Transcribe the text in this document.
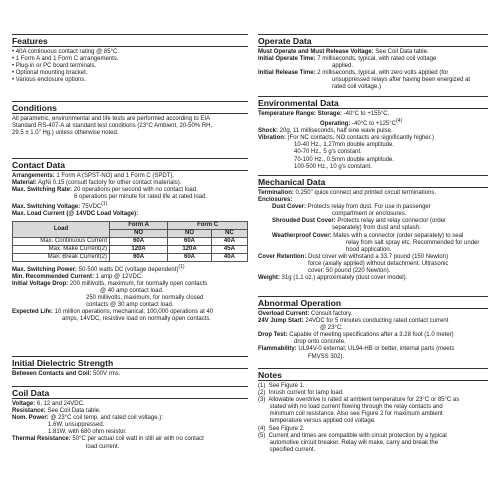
Features
• 40A continuous contact rating @ 85°C.
• 1 Form A and 1 Form C arrangements.
• Plug-in or PC board terminals.
• Optional mounting bracket.
• Various enclosure options.
Conditions
All parametric, environmental and life tests are performed according to EIA
Standard RS-407-A at standard test conditions (23°C Ambient, 20-50% RH,
29.5 ± 1.0" Hg.) unless otherwise noted.
Contact Data
Arrangements: 1 Form A (SPST-NO) and 1 Form C (SPDT).
Material: AgNi 0.15 (consult factory for other contact materials).
Max. Switching Rate: 20 operations per second with no contact load.
6 operations per minute for rated life at rated load.
Max. Switching Voltage: 75VDC$^{(1)}$
Max. Load Current (@ 14VDC Load Voltage):
Load	Form A	Form C	
	NO	NO	NC
Max. Continuous Current	60A	60A	40A
Max. Make Current(2)	120A	120A	45A
Max. Break Current(2)	60A	60A	40A
Max. Switching Power: 50-500 watts DC (voltage dependent)$^{(1)}$
Min. Recommended Current: 1 amp @ 12VDC.
Initial Voltage Drop: 200 millivolts, maximum, for normally open contacts
@ 40 amp contact load.
250 millivolts, maximum, for normally closed
contacts @ 30 amp contact load.
Expected Life: 10 million operations, mechanical; 100,000 operations at 40
amps, 14VDC, resistive load on normally open contacts.
Initial Dielectric Strength
Between Contacts and Coil: 500V rms.
Coil Data
Voltage: 6, 12 and 24VDC.
Resistance: See Coil Data table.
Nom. Power: @ 23°C coil temp. and rated coil voltage.):
1.6W, unsuppressed.
1.81W, with 680 ohm resistor.
Thermal Resistance: 50°C per actual coil watt in still air with no contact
load current.
Operate Data
Must Operate and Must Release Voltage: See Coil Data table.
Initial Operate Time: 7 milliseconds, typical, with rated coil voltage
applied.
Initial Release Time: 2 milliseconds, typical, with zero volts applied (for
unsuppressed relays after having been energized at
rated coil voltage.)
Environmental Data
Temperature Range: Storage: -40°C to +155°C.
Operating: -40°C to $+125^\circ C^{(4)}$
Shock: 20g, 11 milliseconds, half sine wave pulse.
Vibration: (For NC contacts, NO contacts are significantly higher.)
10-40 Hz., 1.27mm double amplitude.
40-70 Hz., 5 g's constant.
70-100 Hz., 0.5mm double amplitude.
100-500 Hz., 10 g's constant.
Mechanical Data
Termination: 0.250" quick connect and printed circuit terminations.
Enclosures:
Dust Cover: Protects relay from dust. For use in passenger
compartment or enclosures.
Shrouded Dust Cover: Protects relay and relay connector (order
separately) from dust and splash.
Weatherproof Cover: Mates with a connector (order separately) to seal
relay from salt spray etc. Recommended for under
hood application.
Cover Retention: Dust cover will withstand a 33.7 pound (150 Newton)
force (axially applied) without detachment. Ultrasonic
cover: 50 pound (220 Newton).
Weight: 31g (1.1 oz.) approximately (dust cover model).
Abnormal Operation
Overload Current: Consult factory.
24V Jump Start: 24VDC for 5 minutes conducting rated contact current
@ 23°C.
Drop Test: Capable of meeting specifications after a 3.28 foot (1.0 meter)
drop onto concrete.
Flammability: UL94V-0 external; UL94-HB or better, internal parts (meets
FMVSS 302).
Notes
(1)  See Figure 1.
(2)  Inrush current for lamp load.
(3)  Allowable overdrive is rated at ambient temperature for 23°C or 85°C as
stated with no load current flowing through the relay contacts and
minimum coil resistance. Also see Figure 2 for maximum ambient
temperature versus applied coil voltage.
(4)  See Figure 2.
(5)  Current and times are compatible with circuit protection by a typical
automotive circuit breaker. Relay will make, carry and break the
specified current.
